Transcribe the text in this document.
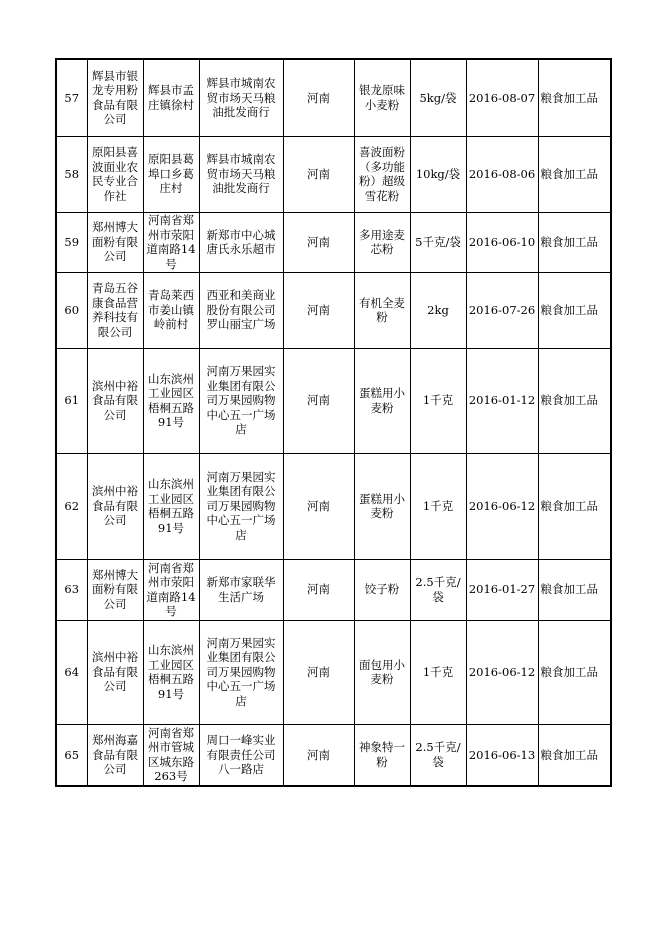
57	辉县市银龙专用粉食品有限公司	辉县市孟庄镇徐村	辉县市城南农贸市场天马粮油批发商行	河南	银龙原味小麦粉	5kg/袋	2016-08-07	粮食加工品
58	原阳县喜波面业农民专业合作社	原阳县葛埠口乡葛庄村	辉县市城南农贸市场天马粮油批发商行	河南	喜波面粉（多功能粉）超级雪花粉	10kg/袋	2016-08-06	粮食加工品
59	郑州博大面粉有限公司	河南省郑州市荥阳道南路14号	新郑市中心城唐氏永乐超市	河南	多用途麦芯粉	5千克/袋	2016-06-10	粮食加工品
60	青岛五谷康食品营养科技有限公司	青岛莱西市姜山镇岭前村	西亚和美商业股份有限公司罗山丽宝广场	河南	有机全麦粉	2kg	2016-07-26	粮食加工品
61	滨州中裕食品有限公司	山东滨州工业园区梧桐五路91号	河南万果园实业集团有限公司万果园购物中心五一广场店	河南	蛋糕用小麦粉	1千克	2016-01-12	粮食加工品
62	滨州中裕食品有限公司	山东滨州工业园区梧桐五路91号	河南万果园实业集团有限公司万果园购物中心五一广场店	河南	蛋糕用小麦粉	1千克	2016-06-12	粮食加工品
63	郑州博大面粉有限公司	河南省郑州市荥阳道南路14号	新郑市家联华生活广场	河南	饺子粉	2.5千克/袋	2016-01-27	粮食加工品
64	滨州中裕食品有限公司	山东滨州工业园区梧桐五路91号	河南万果园实业集团有限公司万果园购物中心五一广场店	河南	面包用小麦粉	1千克	2016-06-12	粮食加工品
65	郑州海嘉食品有限公司	河南省郑州市管城区城东路263号	周口一峰实业有限责任公司八一路店	河南	神象特一粉	2.5千克/袋	2016-06-13	粮食加工品
